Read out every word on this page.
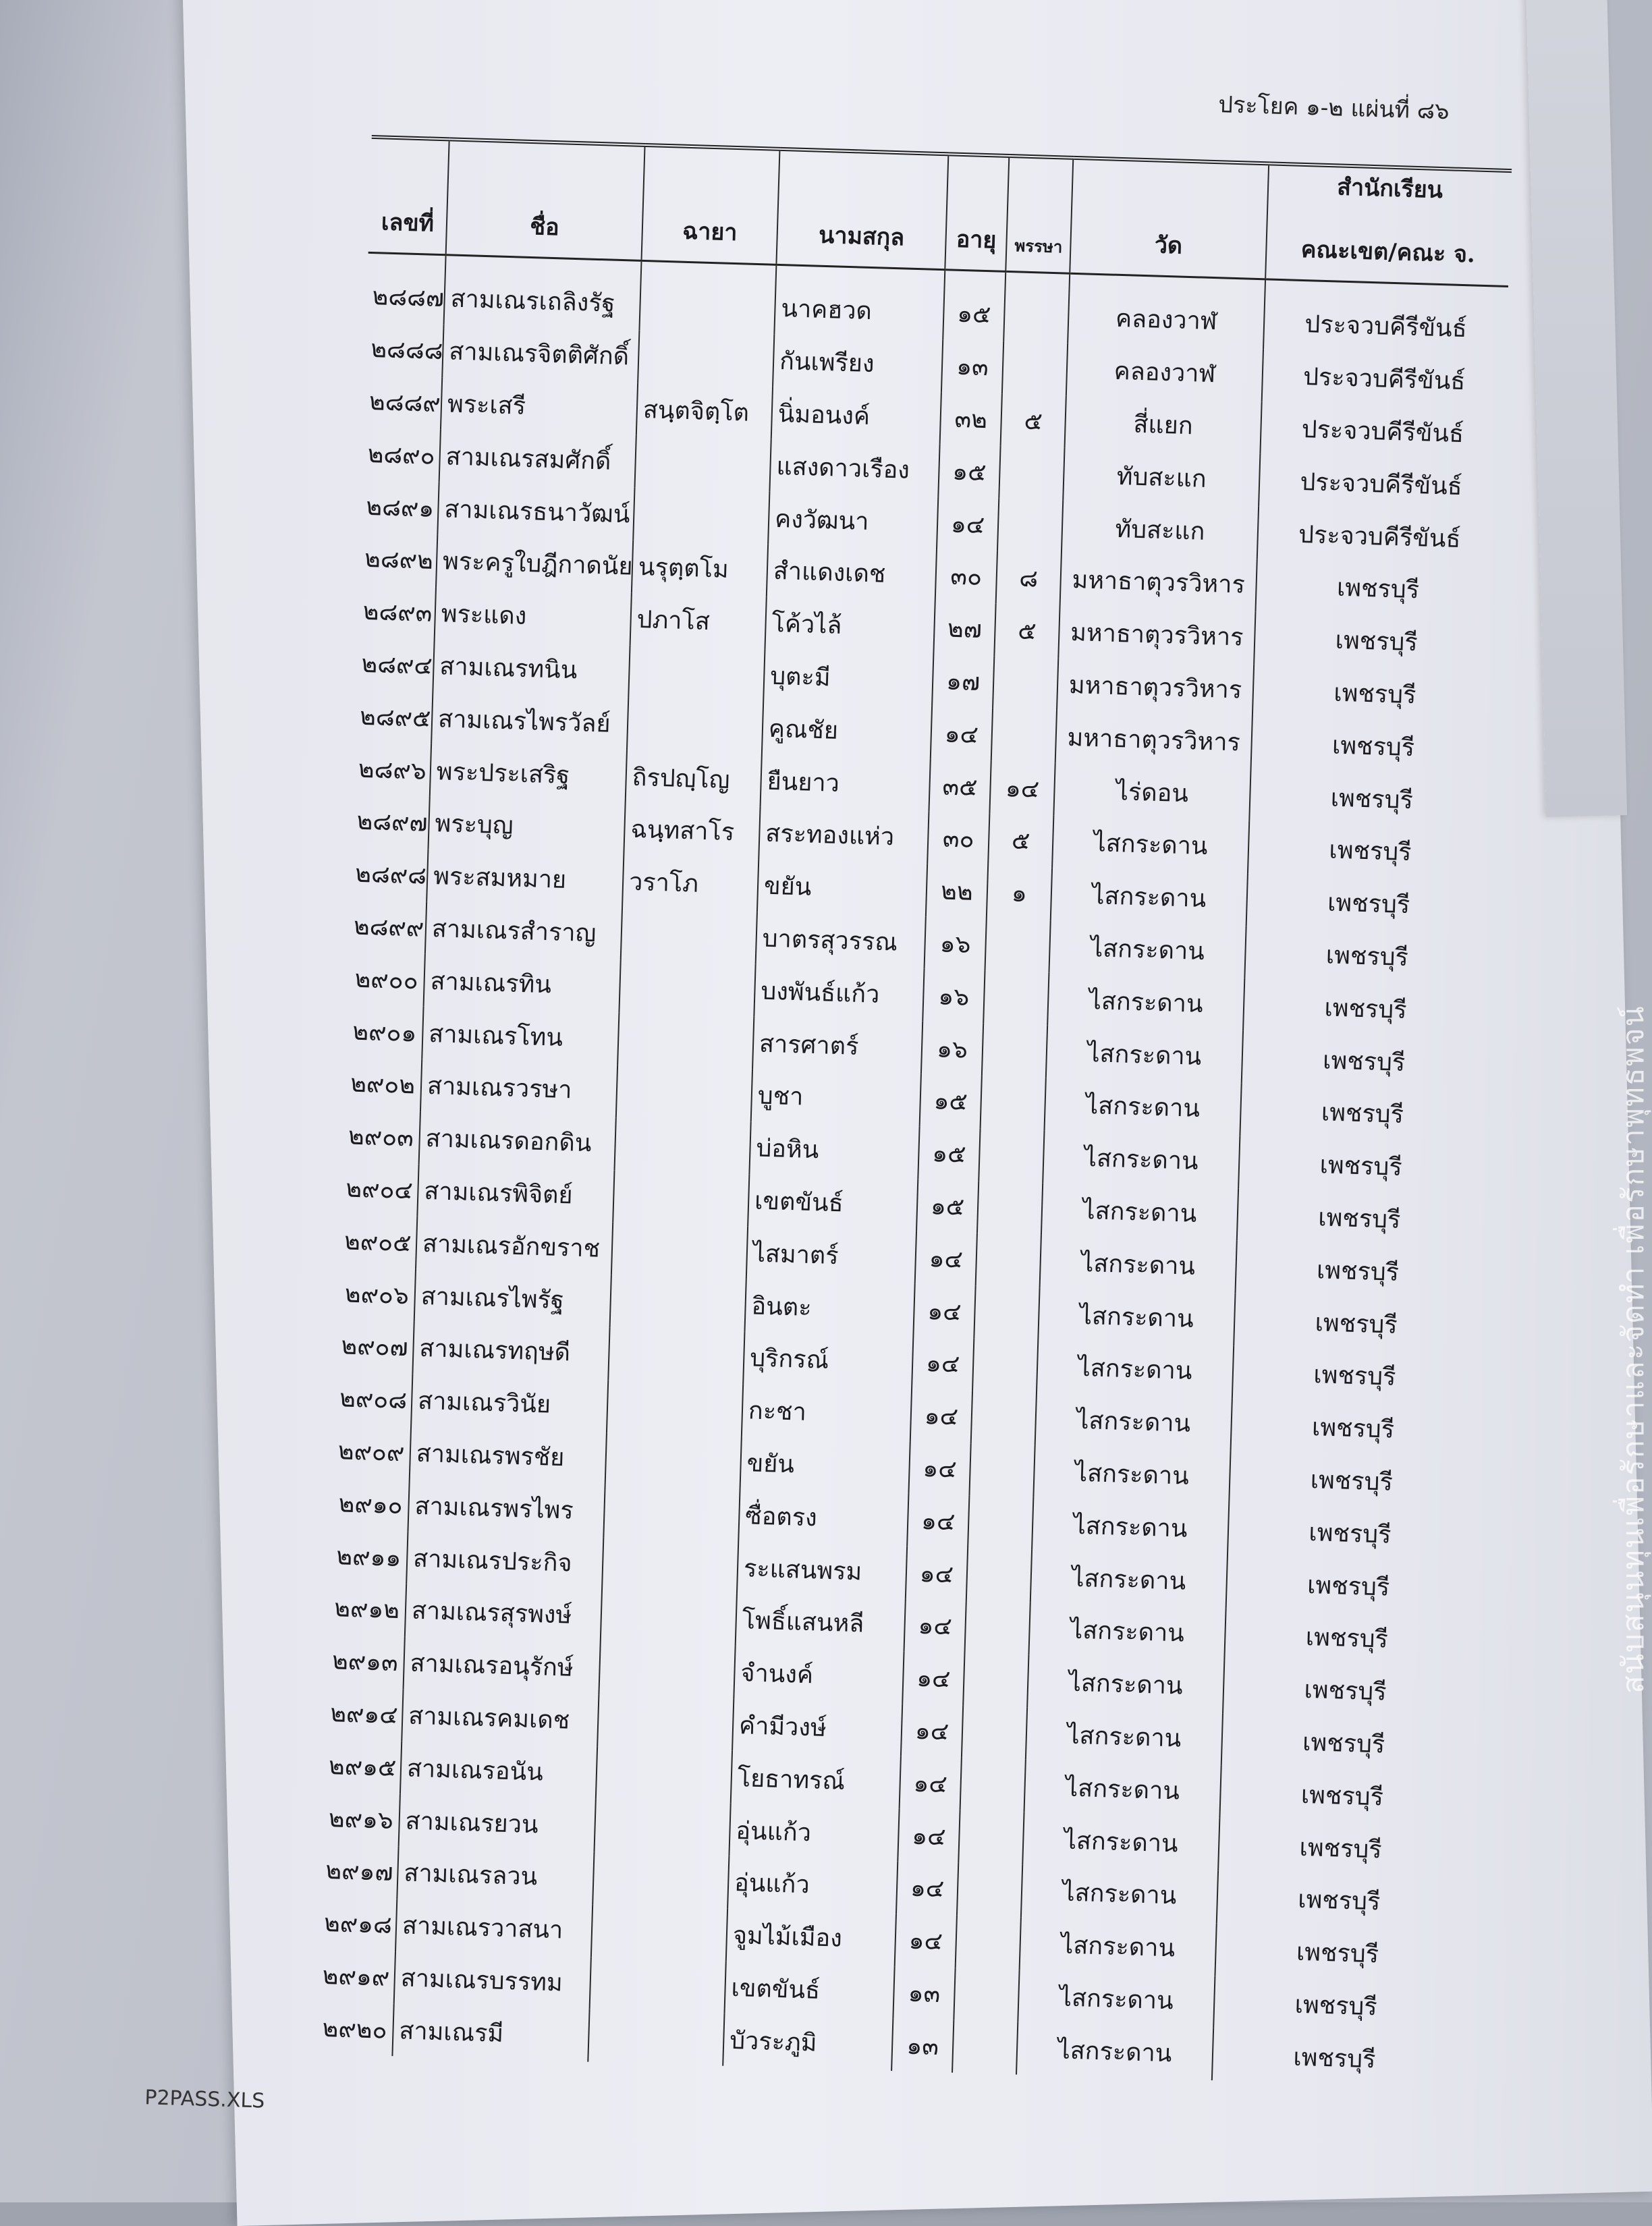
สนับสนุนทุนเพื่อรักษาและจัดทำ เพื่อรักษาพุทธพจน์
ประโยค ๑-๒ แผ่นที่ ๘๖
เลขที่	ชื่อ	ฉายา	นามสกุล	อายุ	พรรษา	วัด	สำนักเรียน
คณะเขต/คณะ จ.
๒๘๘๗	สามเณรเถลิงรัฐ		นาคฮวด	๑๕		คลองวาฬ	ประจวบคีรีขันธ์
๒๘๘๘	สามเณรจิตติศักดิ์		กันเพรียง	๑๓		คลองวาฬ	ประจวบคีรีขันธ์
๒๘๘๙	พระเสรี	สนฺตจิตฺโต	นิ่มอนงค์	๓๒	๕	สี่แยก	ประจวบคีรีขันธ์
๒๘๙๐	สามเณรสมศักดิ์		แสงดาวเรือง	๑๕		ทับสะแก	ประจวบคีรีขันธ์
๒๘๙๑	สามเณรธนาวัฒน์		คงวัฒนา	๑๔		ทับสะแก	ประจวบคีรีขันธ์
๒๘๙๒	พระครูใบฎีกาดนัย	นรุตฺตโม	สำแดงเดช	๓๐	๘	มหาธาตุวรวิหาร	เพชรบุรี
๒๘๙๓	พระแดง	ปภาโส	โค้วไล้	๒๗	๕	มหาธาตุวรวิหาร	เพชรบุรี
๒๘๙๔	สามเณรทนิน		บุตะมี	๑๗		มหาธาตุวรวิหาร	เพชรบุรี
๒๘๙๕	สามเณรไพรวัลย์		คูณชัย	๑๔		มหาธาตุวรวิหาร	เพชรบุรี
๒๘๙๖	พระประเสริฐ	ถิรปญฺโญ	ยืนยาว	๓๕	๑๔	ไร่ดอน	เพชรบุรี
๒๘๙๗	พระบุญ	ฉนฺทสาโร	สระทองแห่ว	๓๐	๕	ไสกระดาน	เพชรบุรี
๒๘๙๘	พระสมหมาย	วราโภ	ขยัน	๒๒	๑	ไสกระดาน	เพชรบุรี
๒๘๙๙	สามเณรสำราญ		บาตรสุวรรณ	๑๖		ไสกระดาน	เพชรบุรี
๒๙๐๐	สามเณรทิน		บงพันธ์แก้ว	๑๖		ไสกระดาน	เพชรบุรี
๒๙๐๑	สามเณรโทน		สารศาตร์	๑๖		ไสกระดาน	เพชรบุรี
๒๙๐๒	สามเณรวรษา		บูชา	๑๕		ไสกระดาน	เพชรบุรี
๒๙๐๓	สามเณรดอกดิน		บ่อหิน	๑๕		ไสกระดาน	เพชรบุรี
๒๙๐๔	สามเณรพิจิตย์		เขตขันธ์	๑๕		ไสกระดาน	เพชรบุรี
๒๙๐๕	สามเณรอักขราช		ไสมาตร์	๑๔		ไสกระดาน	เพชรบุรี
๒๙๐๖	สามเณรไพรัฐ		อินตะ	๑๔		ไสกระดาน	เพชรบุรี
๒๙๐๗	สามเณรทฤษดี		บุริกรณ์	๑๔		ไสกระดาน	เพชรบุรี
๒๙๐๘	สามเณรวินัย		กะชา	๑๔		ไสกระดาน	เพชรบุรี
๒๙๐๙	สามเณรพรชัย		ขยัน	๑๔		ไสกระดาน	เพชรบุรี
๒๙๑๐	สามเณรพรไพร		ซื่อตรง	๑๔		ไสกระดาน	เพชรบุรี
๒๙๑๑	สามเณรประกิจ		ระแสนพรม	๑๔		ไสกระดาน	เพชรบุรี
๒๙๑๒	สามเณรสุรพงษ์		โพธิ์แสนหลี	๑๔		ไสกระดาน	เพชรบุรี
๒๙๑๓	สามเณรอนุรักษ์		จำนงค์	๑๔		ไสกระดาน	เพชรบุรี
๒๙๑๔	สามเณรคมเดช		คำมีวงษ์	๑๔		ไสกระดาน	เพชรบุรี
๒๙๑๕	สามเณรอนัน		โยธาทรณ์	๑๔		ไสกระดาน	เพชรบุรี
๒๙๑๖	สามเณรยวน		อุ่นแก้ว	๑๔		ไสกระดาน	เพชรบุรี
๒๙๑๗	สามเณรลวน		อุ่นแก้ว	๑๔		ไสกระดาน	เพชรบุรี
๒๙๑๘	สามเณรวาสนา		จูมไม้เมือง	๑๔		ไสกระดาน	เพชรบุรี
๒๙๑๙	สามเณรบรรทม		เขตขันธ์	๑๓		ไสกระดาน	เพชรบุรี
๒๙๒๐	สามเณรมี		บัวระภูมิ	๑๓		ไสกระดาน	เพชรบุรี
P2PASS.XLS
